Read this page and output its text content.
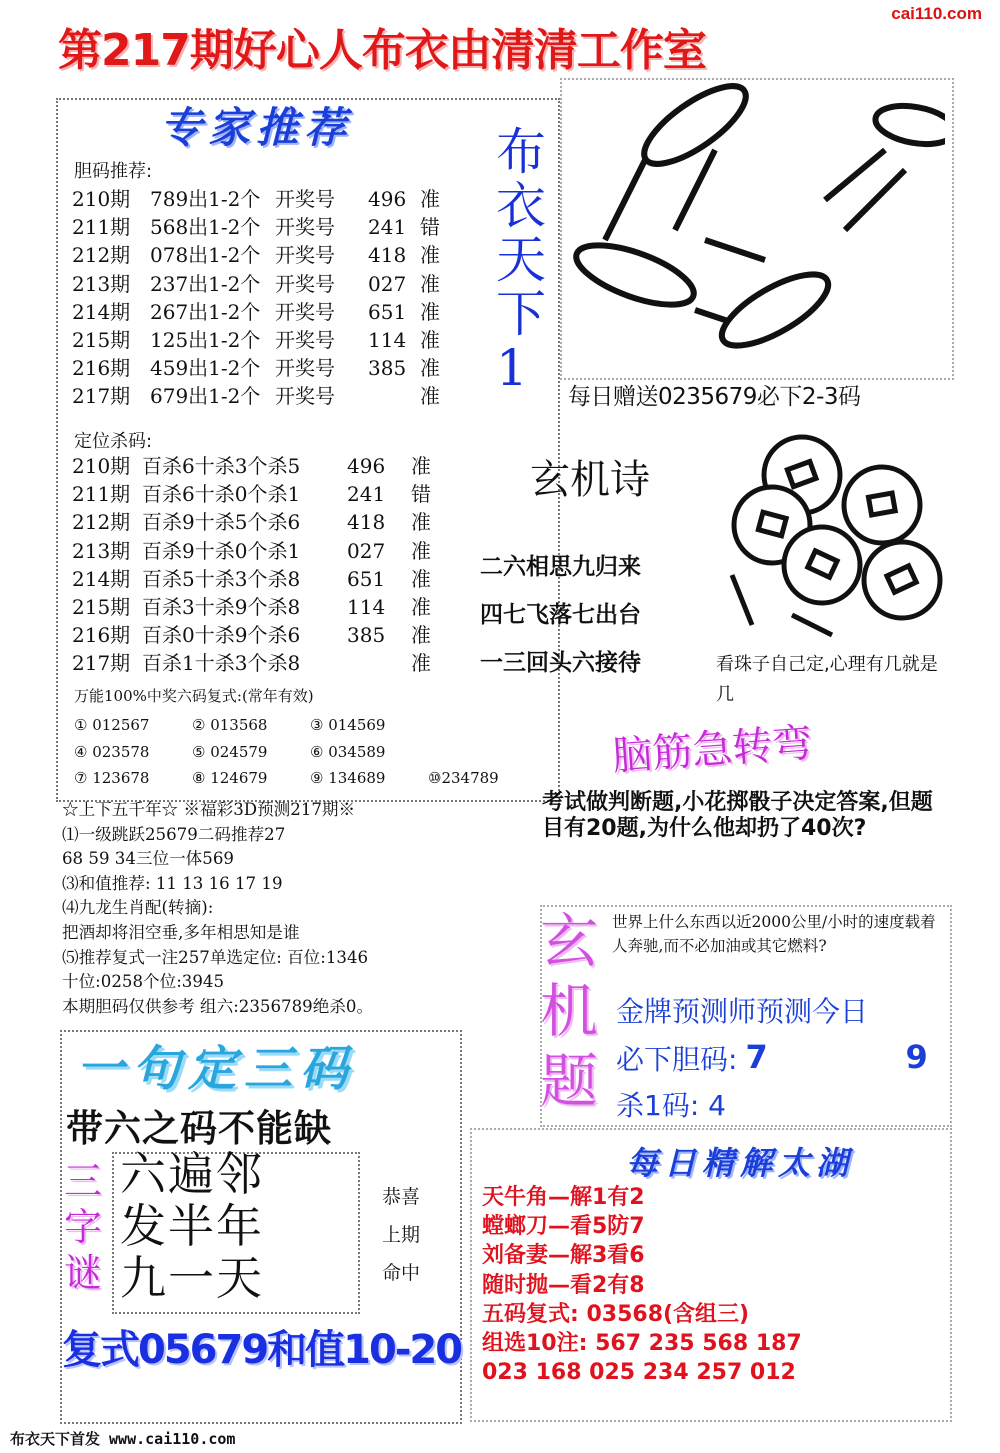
第217期好心人布衣由清清工作室
cai110.com
专家推荐
胆码推荐:
210期 789出1-2个 开奖号	496 准
211期 568出1-2个 开奖号	241 错
212期 078出1-2个 开奖号	418 准
213期 237出1-2个 开奖号	027 准
214期 267出1-2个 开奖号	651 准
215期 125出1-2个 开奖号	114 准
216期 459出1-2个 开奖号	385 准
217期 679出1-2个 开奖号	准
定位杀码:
210期 百杀6十杀3个杀5	496	准
211期 百杀6十杀0个杀1	241	错
212期 百杀9十杀5个杀6	418	准
213期 百杀9十杀0个杀1	027	准
214期 百杀5十杀3个杀8	651	准
215期 百杀3十杀9个杀8	114	准
216期 百杀0十杀9个杀6	385	准
217期 百杀1十杀3个杀8	准
万能100%中奖六码复式:(常年有效)
① 012567	② 013568	③ 014569
④ 023578	⑤ 024579	⑥ 034589
⑦ 123678	⑧ 124679	⑨ 134689	⑩234789
☆上下五千年☆ ※福彩3D预测217期※
⑴一级跳跃25679二码推荐27
68 59 34三位一体569
⑶和值推荐: 11 13 16 17 19
⑷九龙生肖配(转摘):
把酒却将泪空垂,多年相思知是谁
⑸推荐复式一注257单选定位: 百位:1346
十位:0258个位:3945
本期胆码仅供参考 组六:2356789绝杀0。
一句定三码
带六之码不能缺
三
字
谜
六遍邻
发半年
九一天
恭喜
上期
命中
复式05679和值10-20
布
衣
天
下
1	每日赠送0235679必下2-3码
玄机诗
二六相思九归来
四七飞落七出台
一三回头六接待	看珠子自己定,心理有几就是几
脑筋急转弯
考试做判断题,小花掷骰子决定答案,但题目有20题,为什么他却扔了40次?
玄
机
题
世界上什么东西以近2000公里/小时的速度载着人奔驰,而不必加油或其它燃料?
金牌预测师预测今日
必下胆码: 7	9
杀1码: 4
每日精解太湖
天牛角—解1有2
螳螂刀—看5防7
刘备妻—解3看6
随时抛—看2有8
五码复式: 03568(含组三)
组选10注: 567 235 568 187
023 168 025 234 257 012
布衣天下首发 www.cai110.com
